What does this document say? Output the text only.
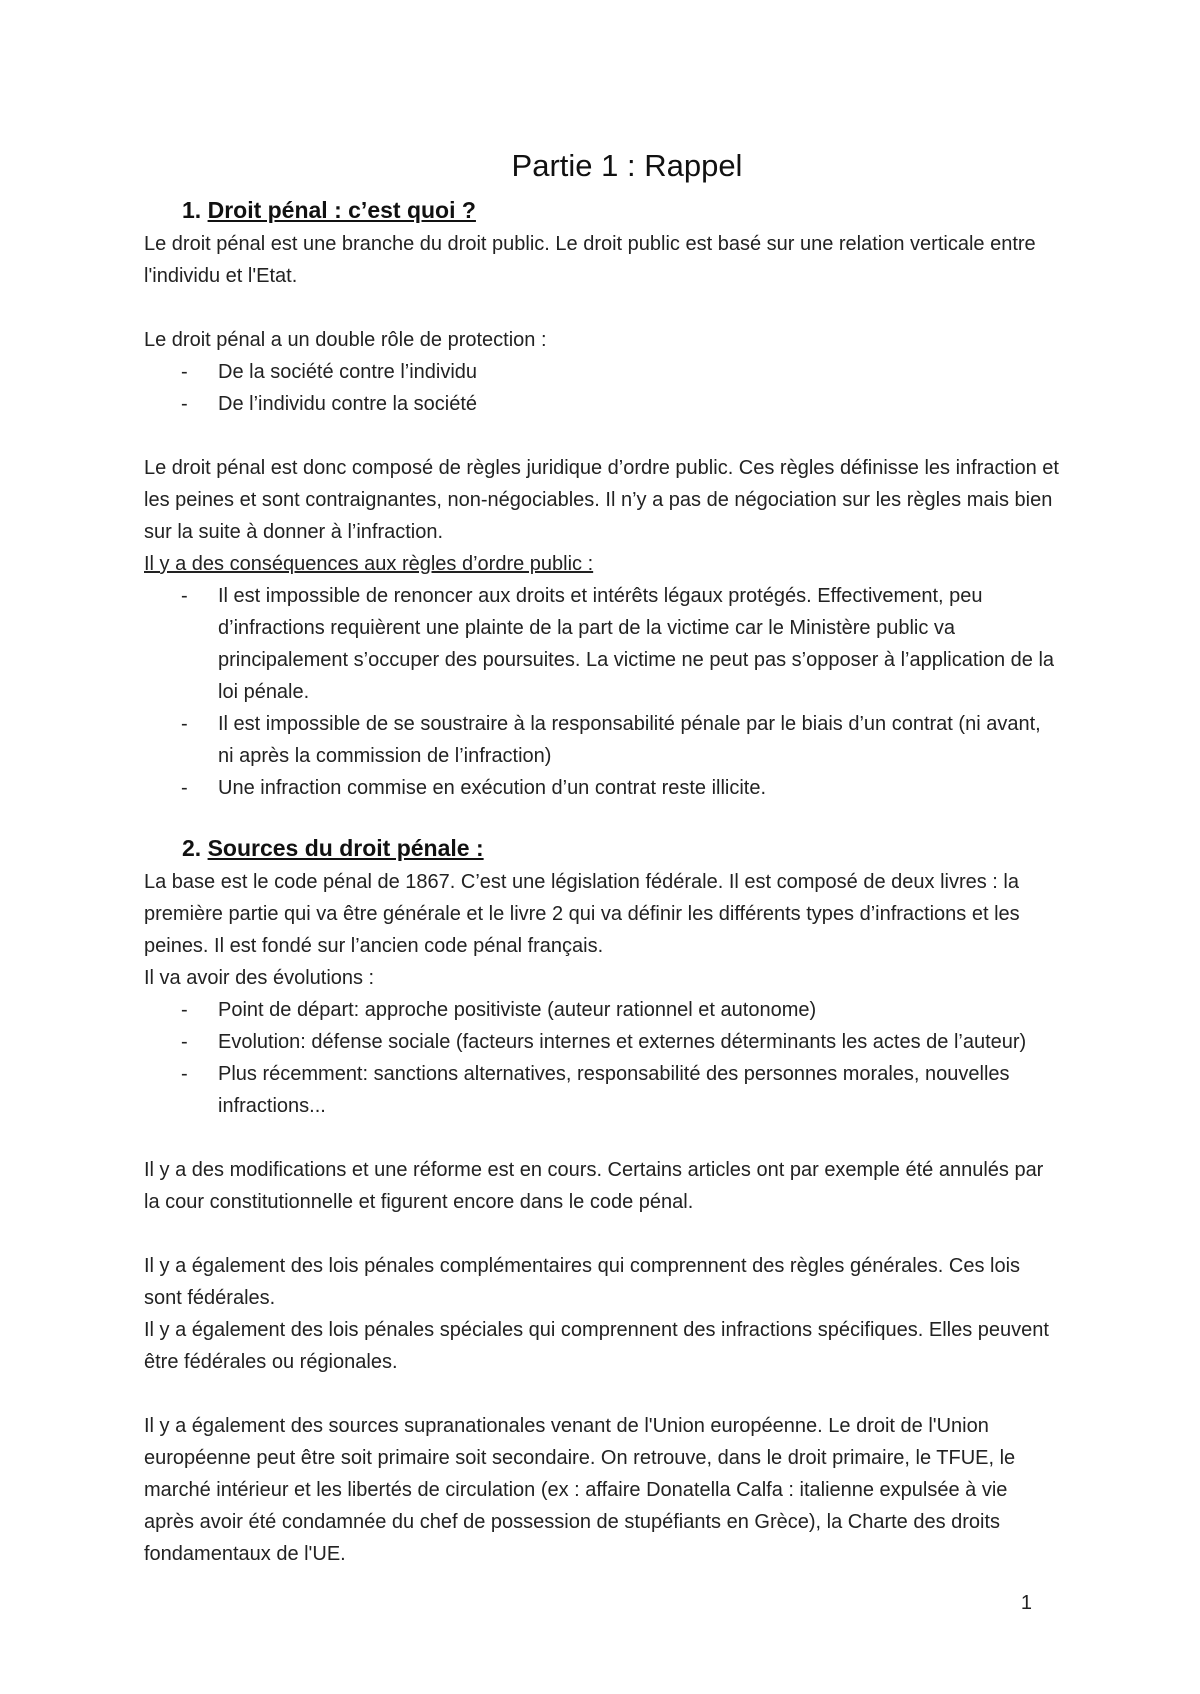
Partie 1 : Rappel
1. Droit pénal : c’est quoi ?

Le droit pénal est une branche du droit public. Le droit public est basé sur une relation verticale entre l'individu et l'Etat.

Le droit pénal a un double rôle de protection :

- De la société contre l’individu
- De l’individu contre la société

Le droit pénal est donc composé de règles juridique d’ordre public. Ces règles définisse les infraction et les peines et sont contraignantes, non-négociables. Il n’y a pas de négociation sur les règles mais bien sur la suite à donner à l’infraction.

Il y a des conséquences aux règles d’ordre public :

- Il est impossible de renoncer aux droits et intérêts légaux protégés. Effectivement, peu d’infractions requièrent une plainte de la part de la victime car le Ministère public va principalement s’occuper des poursuites. La victime ne peut pas s’opposer à l’application de la loi pénale.
- Il est impossible de se soustraire à la responsabilité pénale par le biais d’un contrat (ni avant, ni après la commission de l’infraction)
- Une infraction commise en exécution d’un contrat reste illicite.
2. Sources du droit pénale :

La base est le code pénal de 1867. C’est une législation fédérale. Il est composé de deux livres : la première partie qui va être générale et le livre 2 qui va définir les différents types d’infractions et les peines. Il est fondé sur l’ancien code pénal français.

Il va avoir des évolutions :

- Point de départ: approche positiviste (auteur rationnel et autonome)
- Evolution: défense sociale (facteurs internes et externes déterminants les actes de l’auteur)
- Plus récemment: sanctions alternatives, responsabilité des personnes morales, nouvelles infractions...

Il y a des modifications et une réforme est en cours. Certains articles ont par exemple été annulés par la cour constitutionnelle et figurent encore dans le code pénal.

Il y a également des lois pénales complémentaires qui comprennent des règles générales. Ces lois sont fédérales.

Il y a également des lois pénales spéciales qui comprennent des infractions spécifiques. Elles peuvent être fédérales ou régionales.

Il y a également des sources supranationales venant de l'Union européenne. Le droit de l'Union européenne peut être soit primaire soit secondaire. On retrouve, dans le droit primaire, le TFUE, le marché intérieur et les libertés de circulation (ex : affaire Donatella Calfa : italienne expulsée à vie après avoir été condamnée du chef de possession de stupéfiants en Grèce), la Charte des droits fondamentaux de l'UE.

1
